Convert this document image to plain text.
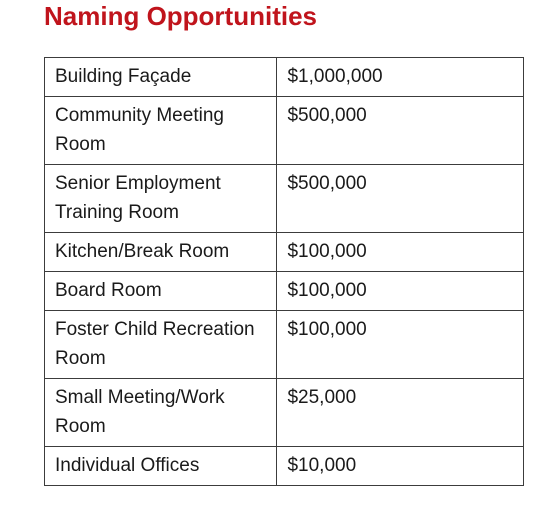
Naming Opportunities
Building Façade	$1,000,000
Community Meeting Room	$500,000
Senior Employment Training Room	$500,000
Kitchen/Break Room	$100,000
Board Room	$100,000
Foster Child Recreation Room	$100,000
Small Meeting/Work Room	$25,000
Individual Offices	$10,000
